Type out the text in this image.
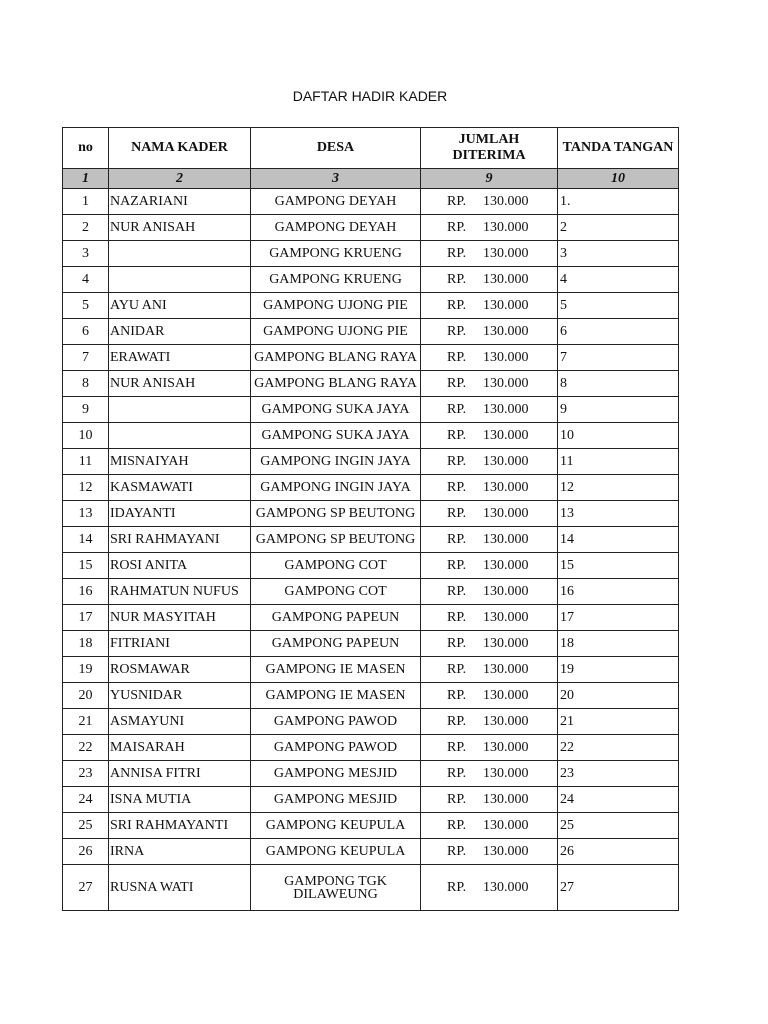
DAFTAR HADIR KADER
no	NAMA KADER	DESA	JUMLAH DITERIMA	TANDA TANGAN
1	2	3	9	10
1	NAZARIANI	GAMPONG DEYAH	RP. 130.000	1.
2	NUR ANISAH	GAMPONG DEYAH	RP. 130.000	2
3		GAMPONG KRUENG	RP. 130.000	3
4		GAMPONG KRUENG	RP. 130.000	4
5	AYU ANI	GAMPONG UJONG PIE	RP. 130.000	5
6	ANIDAR	GAMPONG UJONG PIE	RP. 130.000	6
7	ERAWATI	GAMPONG BLANG RAYA	RP. 130.000	7
8	NUR ANISAH	GAMPONG BLANG RAYA	RP. 130.000	8
9		GAMPONG SUKA JAYA	RP. 130.000	9
10		GAMPONG SUKA JAYA	RP. 130.000	10
11	MISNAIYAH	GAMPONG INGIN JAYA	RP. 130.000	11
12	KASMAWATI	GAMPONG INGIN JAYA	RP. 130.000	12
13	IDAYANTI	GAMPONG SP BEUTONG	RP. 130.000	13
14	SRI RAHMAYANI	GAMPONG SP BEUTONG	RP. 130.000	14
15	ROSI ANITA	GAMPONG COT	RP. 130.000	15
16	RAHMATUN NUFUS	GAMPONG COT	RP. 130.000	16
17	NUR MASYITAH	GAMPONG PAPEUN	RP. 130.000	17
18	FITRIANI	GAMPONG PAPEUN	RP. 130.000	18
19	ROSMAWAR	GAMPONG IE MASEN	RP. 130.000	19
20	YUSNIDAR	GAMPONG IE MASEN	RP. 130.000	20
21	ASMAYUNI	GAMPONG PAWOD	RP. 130.000	21
22	MAISARAH	GAMPONG PAWOD	RP. 130.000	22
23	ANNISA FITRI	GAMPONG MESJID	RP. 130.000	23
24	ISNA MUTIA	GAMPONG MESJID	RP. 130.000	24
25	SRI RAHMAYANTI	GAMPONG KEUPULA	RP. 130.000	25
26	IRNA	GAMPONG KEUPULA	RP. 130.000	26
27	RUSNA WATI	GAMPONG TGK DILAWEUNG	RP. 130.000	27
